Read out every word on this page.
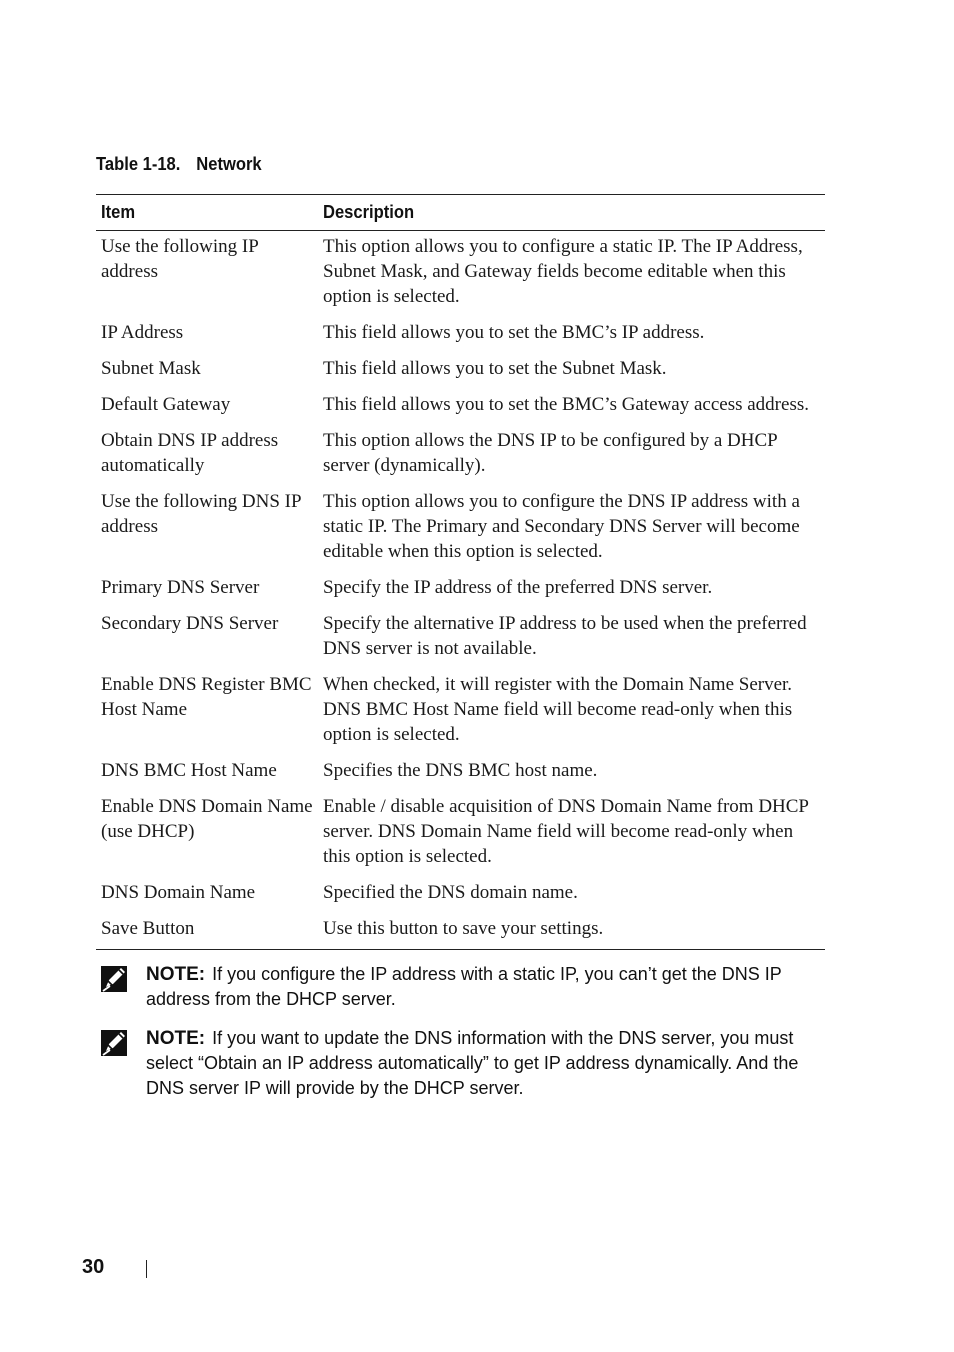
Table 1-18. Network
Item	Description
Use the following IP address	This option allows you to configure a static IP. The IP Address, Subnet Mask, and Gateway fields become editable when this option is selected.
IP Address	This field allows you to set the BMC’s IP address.
Subnet Mask	This field allows you to set the Subnet Mask.
Default Gateway	This field allows you to set the BMC’s Gateway access address.
Obtain DNS IP address automatically	This option allows the DNS IP to be configured by a DHCP server (dynamically).
Use the following DNS IP address	This option allows you to configure the DNS IP address with a static IP. The Primary and Secondary DNS Server will become editable when this option is selected.
Primary DNS Server	Specify the IP address of the preferred DNS server.
Secondary DNS Server	Specify the alternative IP address to be used when the preferred DNS server is not available.
Enable DNS Register BMC Host Name	When checked, it will register with the Domain Name Server. DNS BMC Host Name field will become read-only when this option is selected.
DNS BMC Host Name	Specifies the DNS BMC host name.
Enable DNS Domain Name (use DHCP)	Enable / disable acquisition of DNS Domain Name from DHCP server. DNS Domain Name field will become read-only when this option is selected.
DNS Domain Name	Specified the DNS domain name.
Save Button	Use this button to save your settings.
NOTE: If you configure the IP address with a static IP, you can’t get the DNS IP address from the DHCP server.
NOTE: If you want to update the DNS information with the DNS server, you must select “Obtain an IP address automatically” to get IP address dynamically. And the DNS server IP will provide by the DHCP server.
30
